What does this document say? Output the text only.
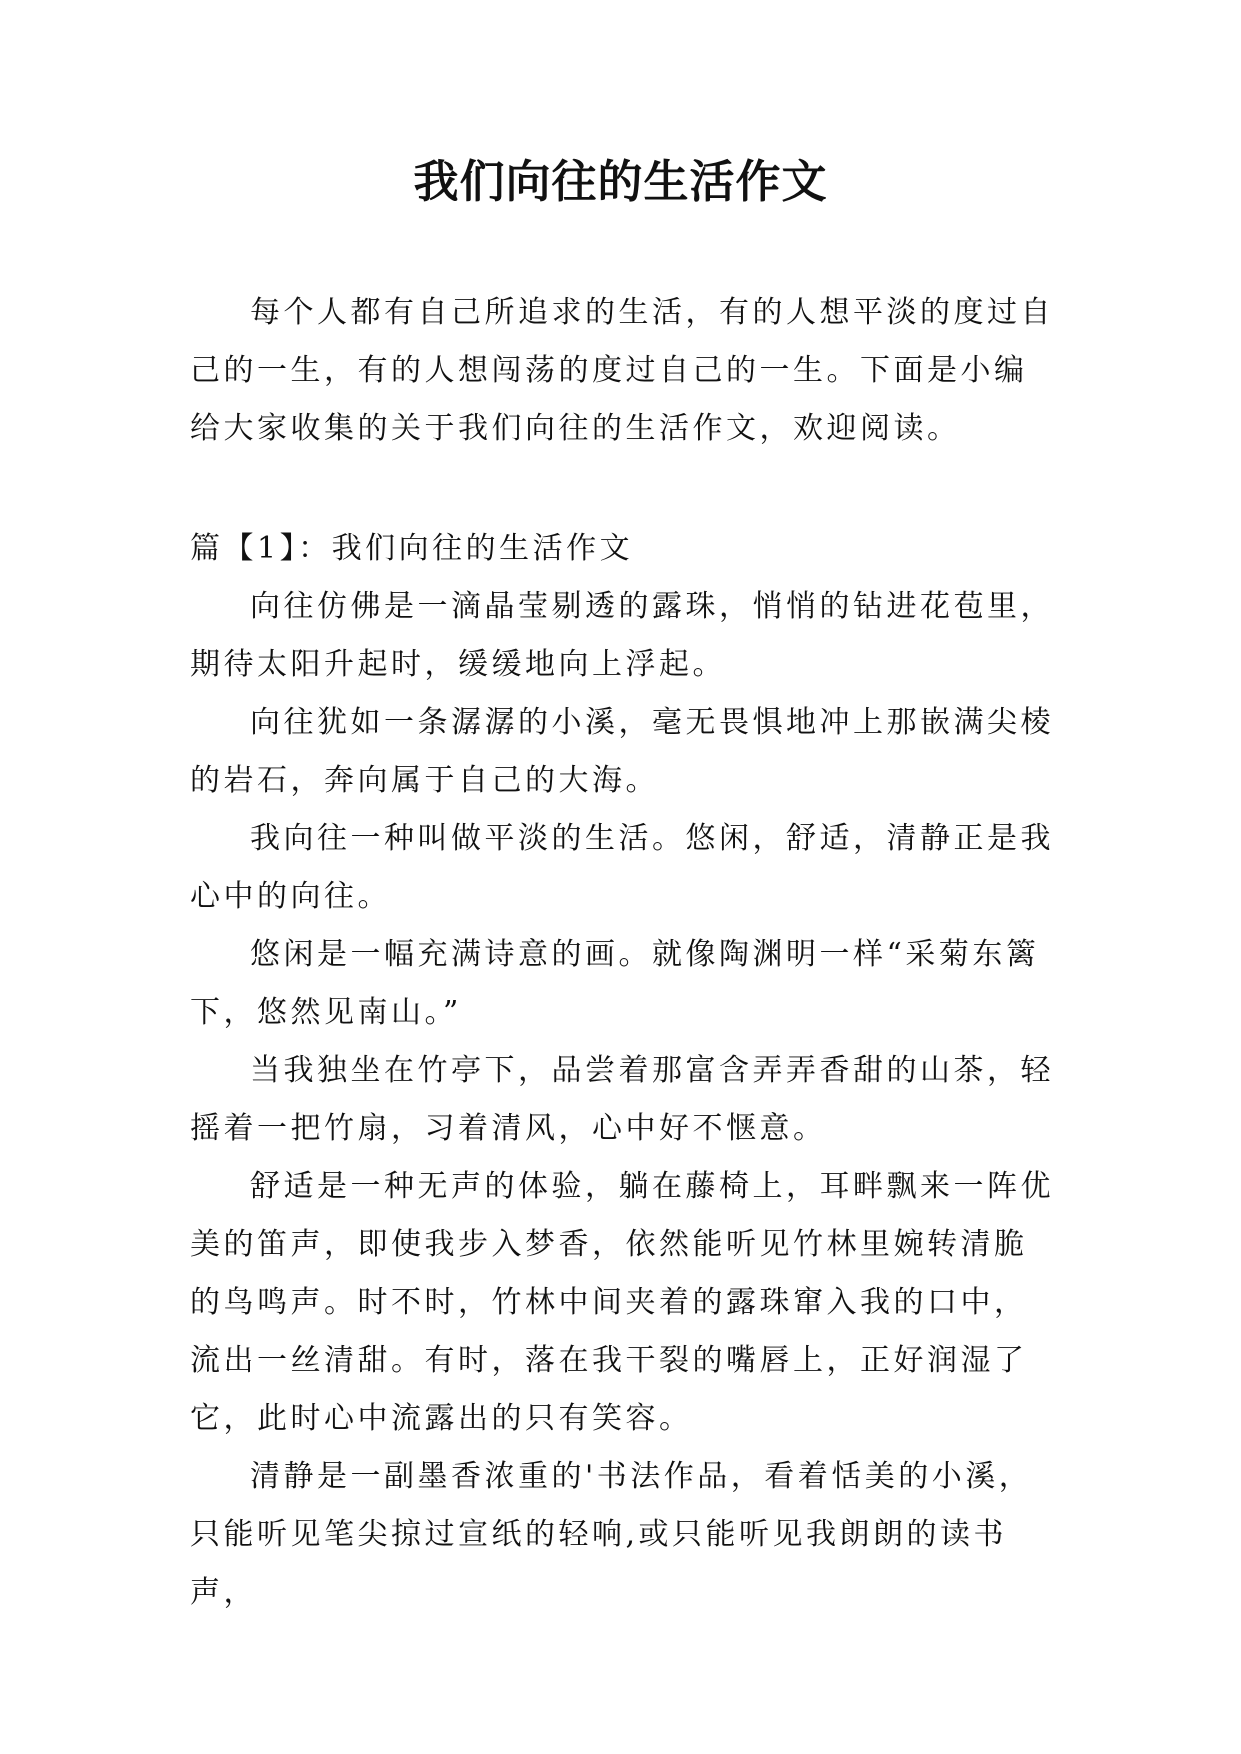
我们向往的生活作文

每个人都有自己所追求的生活，有的人想平淡的度过自己的一生，有的人想闯荡的度过自己的一生。下面是小编给大家收集的关于我们向往的生活作文，欢迎阅读。

篇【1】：我们向往的生活作文

向往仿佛是一滴晶莹剔透的露珠，悄悄的钻进花苞里，期待太阳升起时，缓缓地向上浮起。

向往犹如一条潺潺的小溪，毫无畏惧地冲上那嵌满尖棱的岩石，奔向属于自己的大海。

我向往一种叫做平淡的生活。悠闲，舒适，清静正是我心中的向往。

悠闲是一幅充满诗意的画。就像陶渊明一样“采菊东篱下，悠然见南山。”

当我独坐在竹亭下，品尝着那富含弄弄香甜的山茶，轻摇着一把竹扇，习着清风，心中好不惬意。

舒适是一种无声的体验，躺在藤椅上，耳畔飘来一阵优美的笛声，即使我步入梦香，依然能听见竹林里婉转清脆的鸟鸣声。时不时，竹林中间夹着的露珠窜入我的口中，流出一丝清甜。有时，落在我干裂的嘴唇上，正好润湿了它，此时心中流露出的只有笑容。

清静是一副墨香浓重的'书法作品，看着恬美的小溪，只能听见笔尖掠过宣纸的轻响,或只能听见我朗朗的读书声，
